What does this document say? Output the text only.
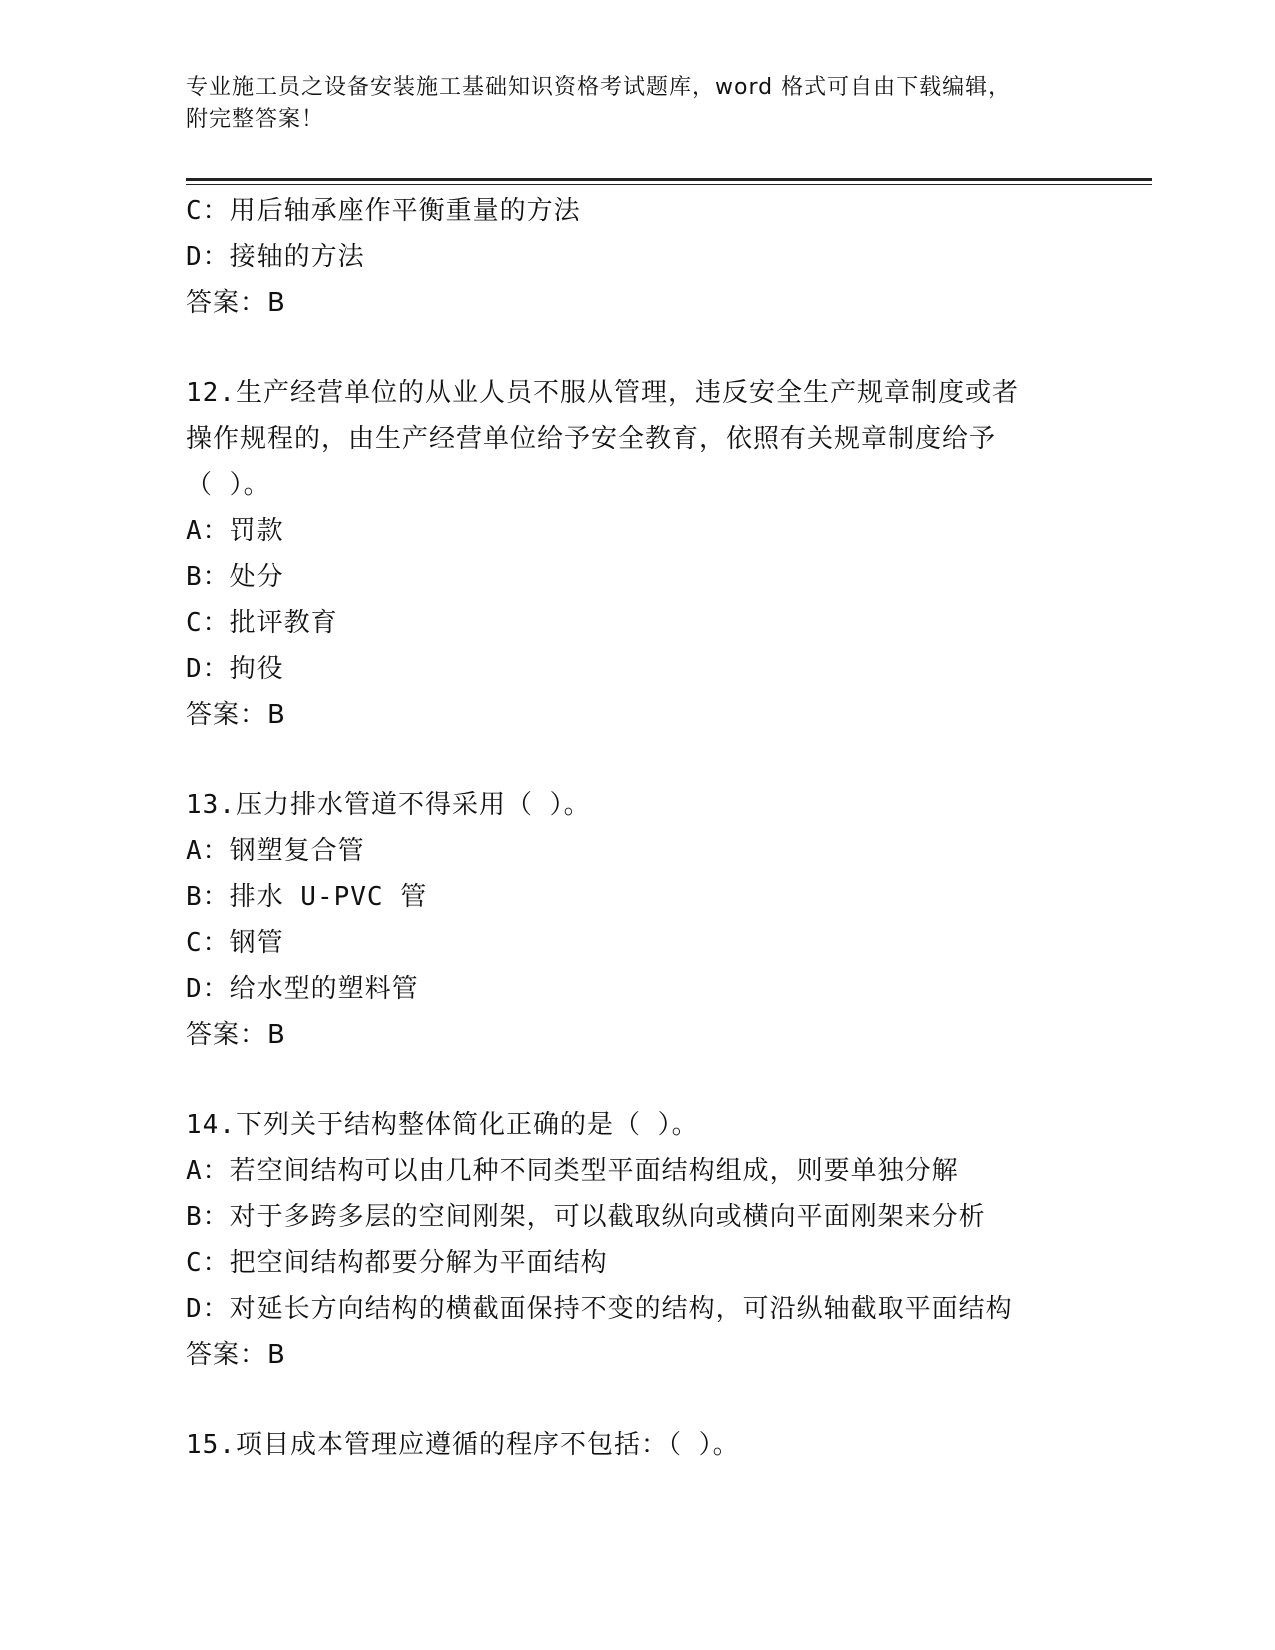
专业施工员之设备安装施工基础知识资格考试题库，word 格式可自由下载编辑，
附完整答案！
C：用后轴承座作平衡重量的方法
D：接轴的方法
答案：B
12.生产经营单位的从业人员不服从管理，违反安全生产规章制度或者
操作规程的，由生产经营单位给予安全教育，依照有关规章制度给予
（ ）。
A：罚款
B：处分
C：批评教育
D：拘役
答案：B
13.压力排水管道不得采用（ ）。
A：钢塑复合管
B：排水 U-PVC 管
C：钢管
D：给水型的塑料管
答案：B
14.下列关于结构整体简化正确的是（ ）。
A：若空间结构可以由几种不同类型平面结构组成，则要单独分解
B：对于多跨多层的空间刚架，可以截取纵向或横向平面刚架来分析
C：把空间结构都要分解为平面结构
D：对延长方向结构的横截面保持不变的结构，可沿纵轴截取平面结构
答案：B
15.项目成本管理应遵循的程序不包括：（ ）。
